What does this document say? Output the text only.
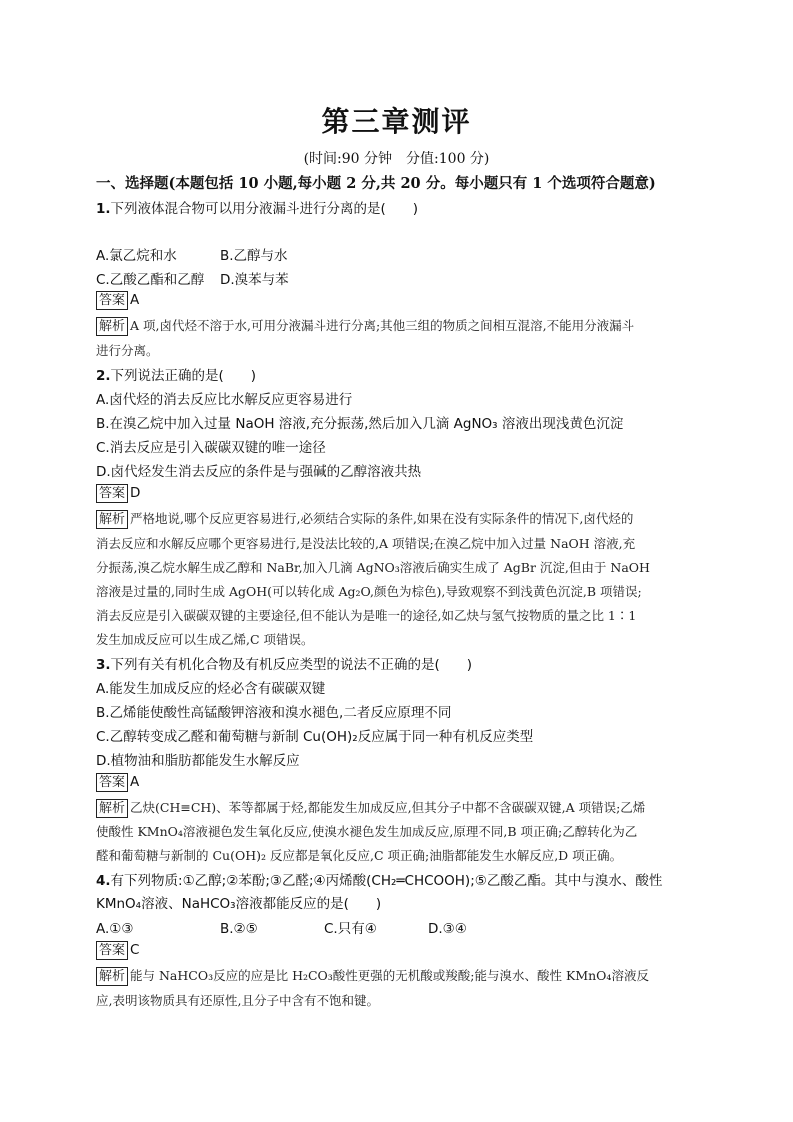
第三章测评
(时间:90 分钟　分值:100 分)
一、选择题(本题包括 10 小题,每小题 2 分,共 20 分。每小题只有 1 个选项符合题意)
1.下列液体混合物可以用分液漏斗进行分离的是(　　)
A.氯乙烷和水	B.乙醇与水
C.乙酸乙酯和乙醇 D.溴苯与苯
答案 A
解析 A 项,卤代烃不溶于水,可用分液漏斗进行分离;其他三组的物质之间相互混溶,不能用分液漏斗
进行分离。
2.下列说法正确的是(　　)
A.卤代烃的消去反应比水解反应更容易进行
B.在溴乙烷中加入过量 NaOH 溶液,充分振荡,然后加入几滴 AgNO₃ 溶液出现浅黄色沉淀
C.消去反应是引入碳碳双键的唯一途径
D.卤代烃发生消去反应的条件是与强碱的乙醇溶液共热
答案 D
解析 严格地说,哪个反应更容易进行,必须结合实际的条件,如果在没有实际条件的情况下,卤代烃的
消去反应和水解反应哪个更容易进行,是没法比较的,A 项错误;在溴乙烷中加入过量 NaOH 溶液,充
分振荡,溴乙烷水解生成乙醇和 NaBr,加入几滴 AgNO₃溶液后确实生成了 AgBr 沉淀,但由于 NaOH
溶液是过量的,同时生成 AgOH(可以转化成 Ag₂O,颜色为棕色),导致观察不到浅黄色沉淀,B 项错误;
消去反应是引入碳碳双键的主要途径,但不能认为是唯一的途径,如乙炔与氢气按物质的量之比 1∶1
发生加成反应可以生成乙烯,C 项错误。
3.下列有关有机化合物及有机反应类型的说法不正确的是(　　)
A.能发生加成反应的烃必含有碳碳双键
B.乙烯能使酸性高锰酸钾溶液和溴水褪色,二者反应原理不同
C.乙醇转变成乙醛和葡萄糖与新制 Cu(OH)₂反应属于同一种有机反应类型
D.植物油和脂肪都能发生水解反应
答案 A
解析 乙炔(CH≡CH)、苯等都属于烃,都能发生加成反应,但其分子中都不含碳碳双键,A 项错误;乙烯
使酸性 KMnO₄溶液褪色发生氧化反应,使溴水褪色发生加成反应,原理不同,B 项正确;乙醇转化为乙
醛和葡萄糖与新制的 Cu(OH)₂ 反应都是氧化反应,C 项正确;油脂都能发生水解反应,D 项正确。
4.有下列物质:①乙醇;②苯酚;③乙醛;④丙烯酸(CH₂═CHCOOH);⑤乙酸乙酯。其中与溴水、酸性
KMnO₄溶液、NaHCO₃溶液都能反应的是(　　)
A.①③	B.②⑤	C.只有④	D.③④
答案 C
解析 能与 NaHCO₃反应的应是比 H₂CO₃酸性更强的无机酸或羧酸;能与溴水、酸性 KMnO₄溶液反
应,表明该物质具有还原性,且分子中含有不饱和键。
